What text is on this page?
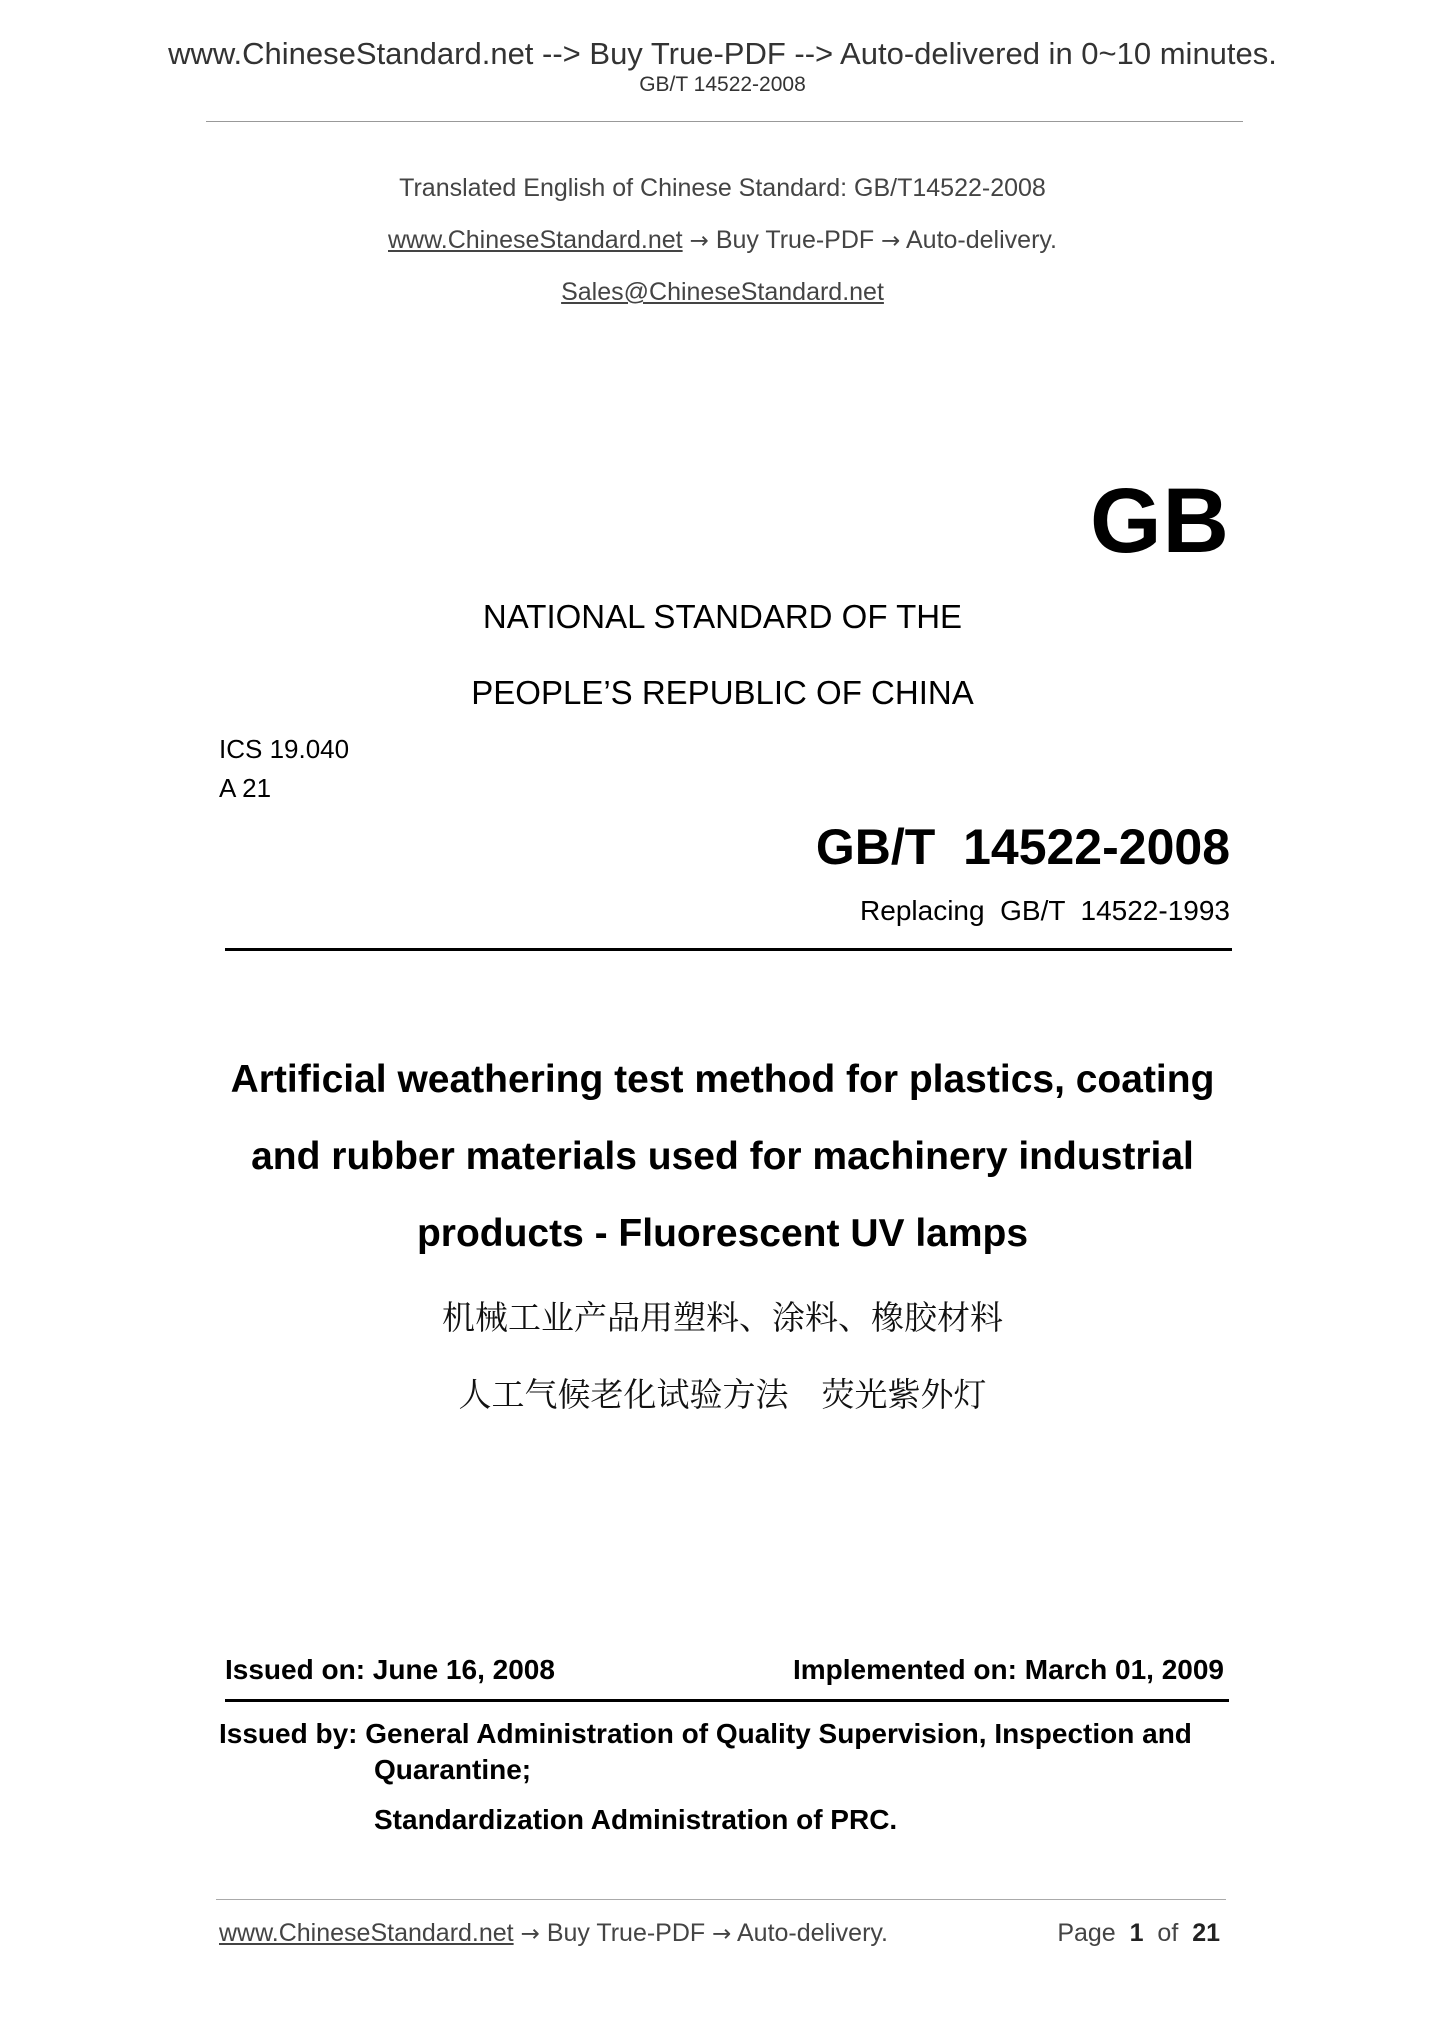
www.ChineseStandard.net --> Buy True-PDF --> Auto-delivered in 0~10 minutes.
GB/T 14522-2008
Translated English of Chinese Standard: GB/T14522-2008
www.ChineseStandard.net → Buy True-PDF → Auto-delivery.
Sales@ChineseStandard.net
GB
NATIONAL STANDARD OF THE
PEOPLE’S REPUBLIC OF CHINA
ICS 19.040
A 21
GB/T  14522-2008
Replacing  GB/T  14522-1993
Artificial weathering test method for plastics, coating
and rubber materials used for machinery industrial
products - Fluorescent UV lamps
机械工业产品用塑料、涂料、橡胶材料
人工气候老化试验方法　荧光紫外灯
Issued on: June 16, 2008	Implemented on: March 01, 2009
Issued by: General Administration of Quality Supervision, Inspection and
Quarantine;
Standardization Administration of PRC.
www.ChineseStandard.net → Buy True-PDF → Auto-delivery.	Page 1 of 21
